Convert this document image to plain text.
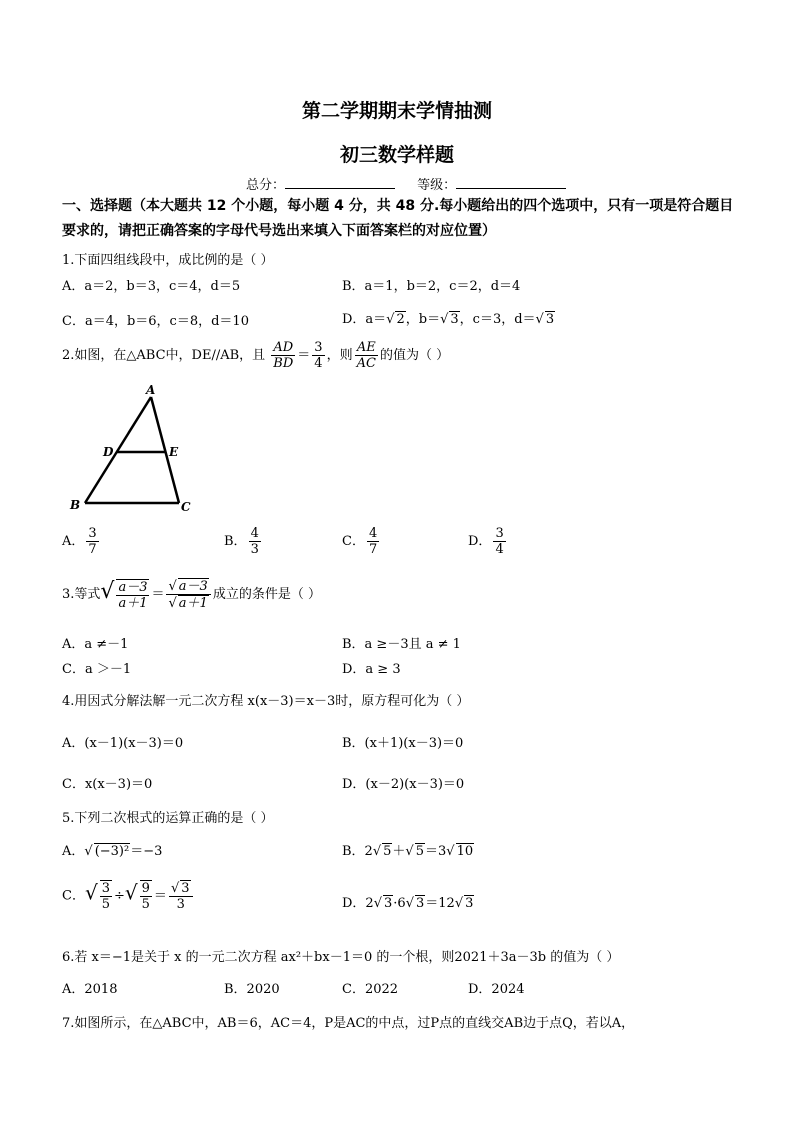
第二学期期末学情抽测
初三数学样题
总分：	等级：
一、选择题（本大题共 12 个小题，每小题 4 分，共 48 分.每小题给出的四个选项中，只有一项是符合题目要求的，请把正确答案的字母代号选出来填入下面答案栏的对应位置）
1.下面四组线段中，成比例的是（ ）
A．a＝2，b＝3，c＝4，d＝5	B．a＝1，b＝2，c＝2，d＝4
C．a＝4，b＝6，c＝8，d＝10	D．a＝√ 2，b＝√ 3，c＝3，d＝√ 3
2.如图，在△ABC中，DE//AB，且 $\frac{AD}{BD} = \frac{3}{4}$ ，则 $\frac{AE}{AC}$ 的值为（ ）
A
D	E
B	C
A． $\frac{3}{7}$	B． $\frac{4}{3}$	C． $\frac{4}{7}$	D． $\frac{3}{4}$
3.等式√ $\frac{a-3}{a+1} = \frac{√ a-3}{√ a+1}$ 成立的条件是（ ）
A．a ≠－1	B．a ≥－3且 a ≠ 1
C．a ＞－1	D．a ≥ 3
4.用因式分解法解一元二次方程 x(x－3)＝x－3时，原方程可化为（ ）
A．(x－1)(x－3)＝0	B．(x＋1)(x－3)＝0
C．x(x－3)＝0	D．(x－2)(x－3)＝0
5.下列二次根式的运算正确的是（ ）
A．√ (−3)²＝−3	B．2√ 5＋√ 5＝3√ 10
C．√ $\frac{3}{5}$ ÷√ $\frac{9}{5} = \frac{√ 3}{3}$	D．2√ 3·6√ 3＝12√ 3
6.若 x＝−1是关于 x 的一元二次方程 ax²＋bx－1＝0 的一个根，则2021＋3a－3b 的值为（ ）
A．2018	B．2020	C．2022	D．2024
7.如图所示，在△ABC中，AB＝6，AC＝4，P是AC的中点，过P点的直线交AB边于点Q，若以A，
